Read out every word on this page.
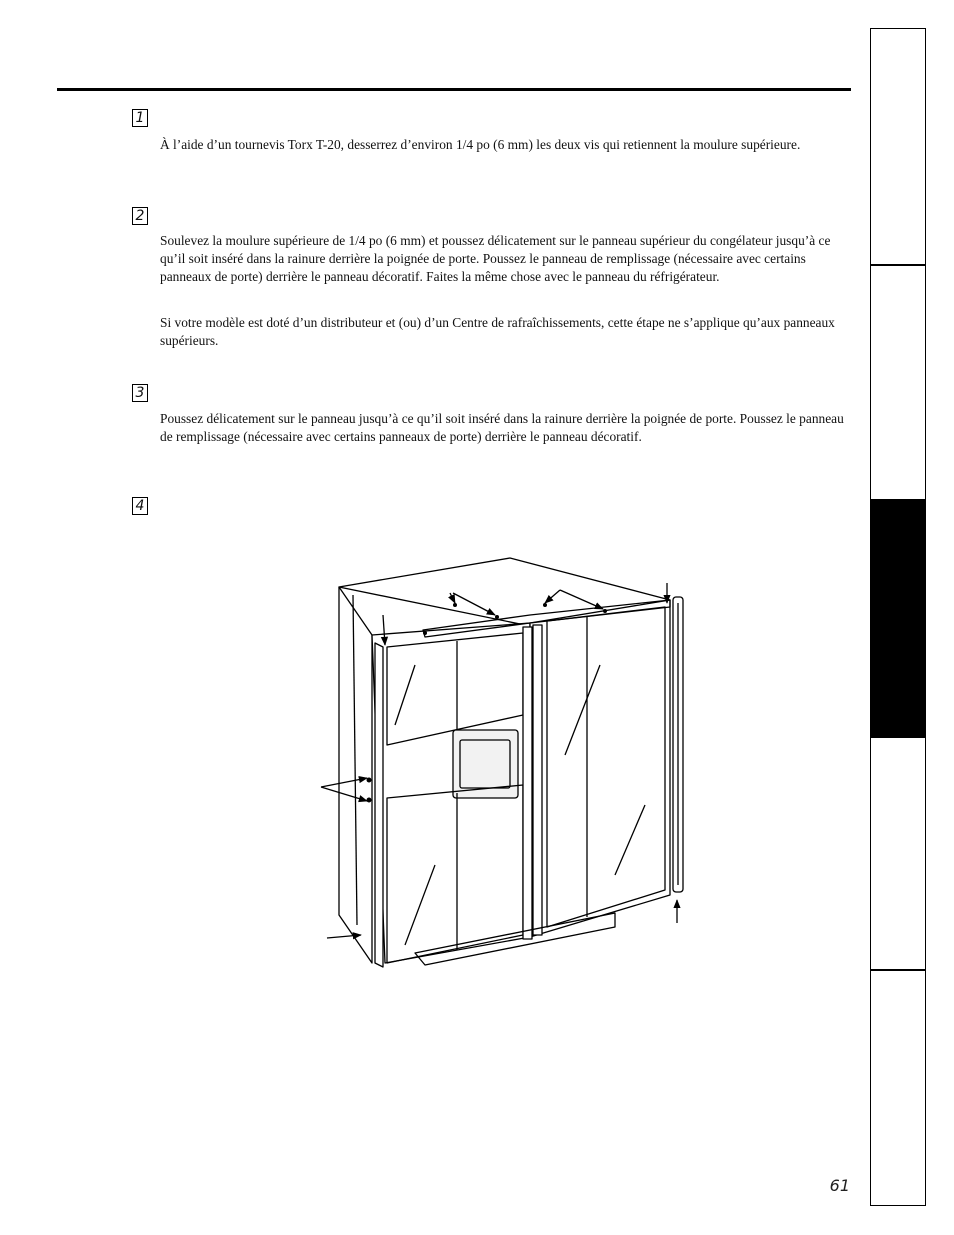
1

À l’aide d’un tournevis Torx T-20, desserrez d’environ 1/4 po (6 mm) les deux vis qui retiennent la moulure supérieure.

2

Soulevez la moulure supérieure de 1/4 po (6 mm) et poussez délicatement sur le panneau supérieur du congélateur jusqu’à ce qu’il soit inséré dans la rainure derrière la poignée de porte. Poussez le panneau de remplissage (nécessaire avec certains panneaux de porte) derrière le panneau décoratif. Faites la même chose avec le panneau du réfrigérateur.

Si votre modèle est doté d’un distributeur et (ou) d’un Centre de rafraîchissements, cette étape ne s’applique qu’aux panneaux supérieurs.

3

Poussez délicatement sur le panneau jusqu’à ce qu’il soit inséré dans la rainure derrière la poignée de porte. Poussez le panneau de remplissage (nécessaire avec certains panneaux de porte) derrière le panneau décoratif.

4
61
